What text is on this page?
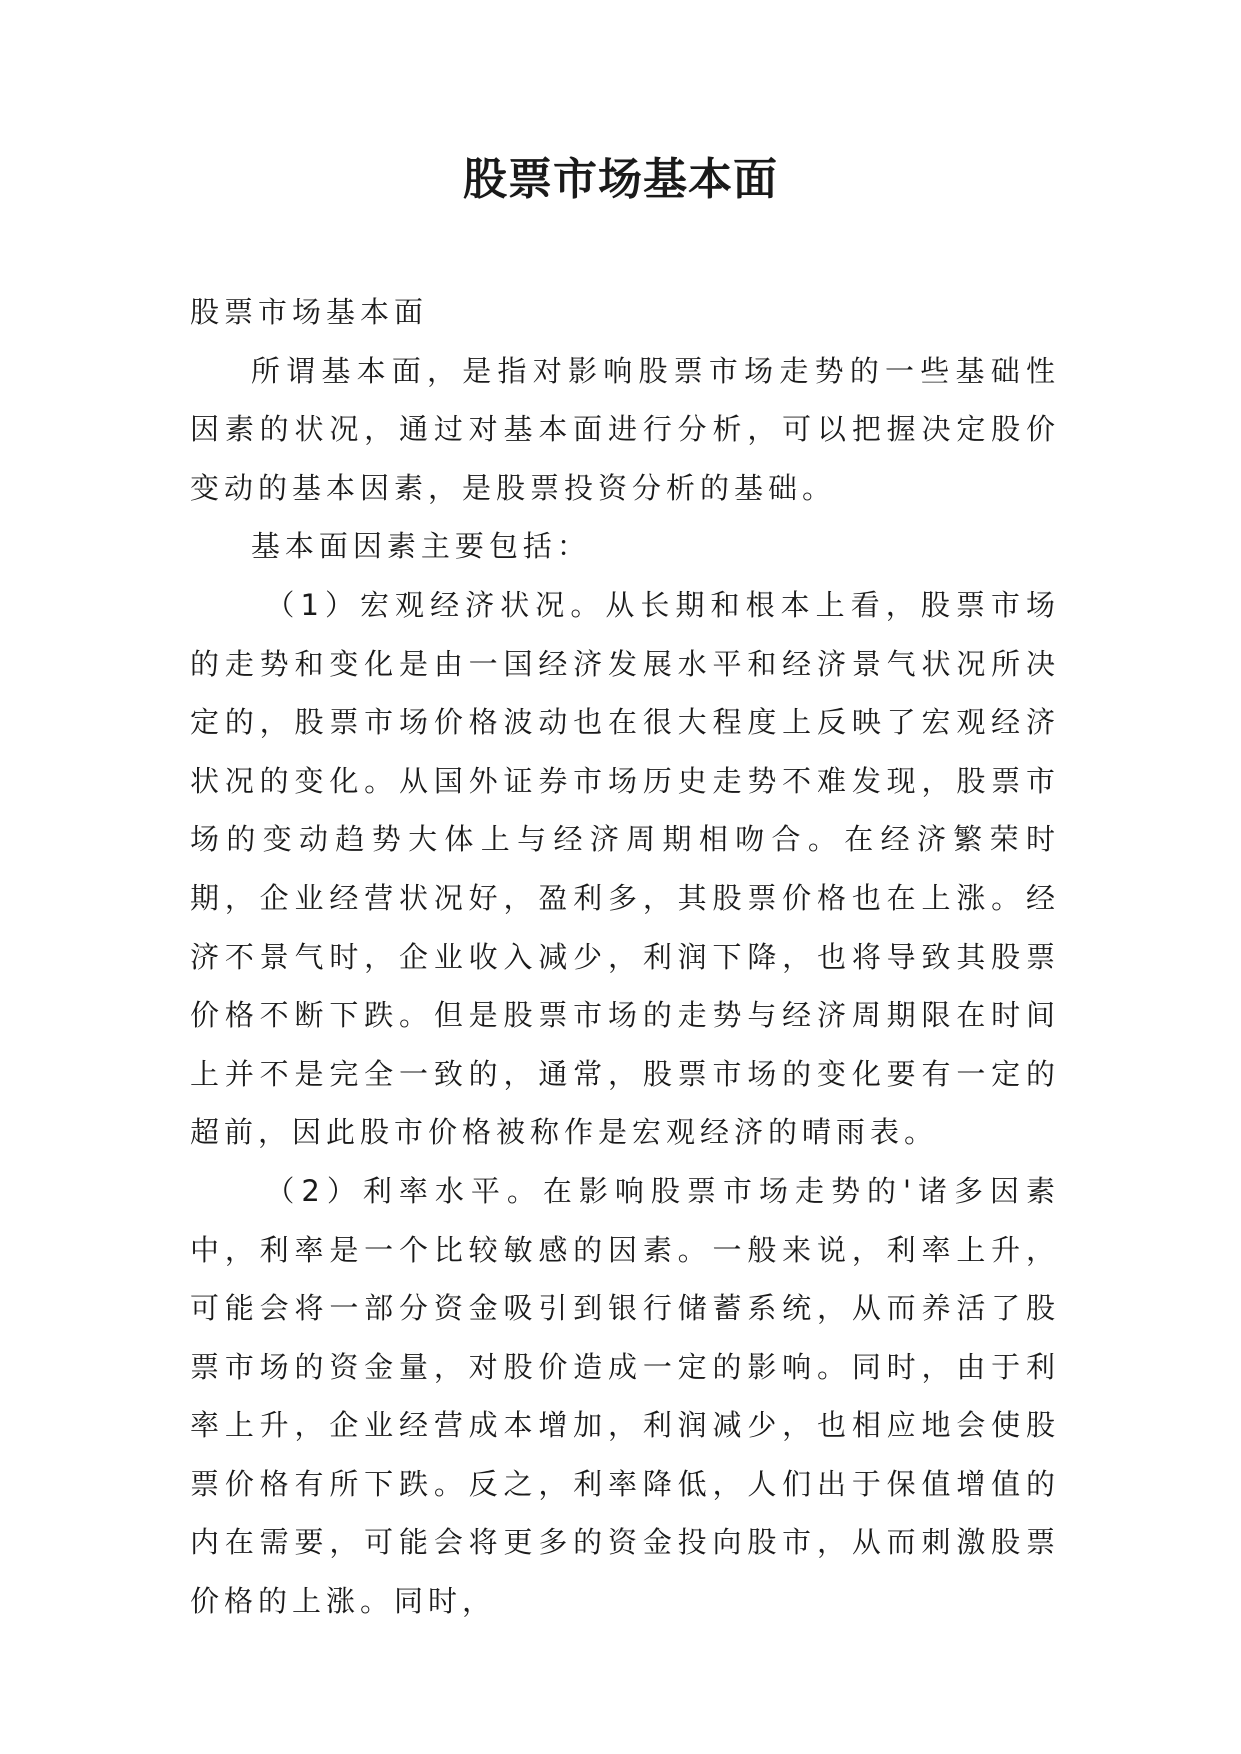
股票市场基本面

股票市场基本面

所谓基本面，是指对影响股票市场走势的一些基础性因素的状况，通过对基本面进行分析，可以把握决定股价变动的基本因素，是股票投资分析的基础。

基本面因素主要包括：

（1）宏观经济状况。从长期和根本上看，股票市场的走势和变化是由一国经济发展水平和经济景气状况所决定的，股票市场价格波动也在很大程度上反映了宏观经济状况的变化。从国外证券市场历史走势不难发现，股票市场的变动趋势大体上与经济周期相吻合。在经济繁荣时期，企业经营状况好，盈利多，其股票价格也在上涨。经济不景气时，企业收入减少，利润下降，也将导致其股票价格不断下跌。但是股票市场的走势与经济周期限在时间上并不是完全一致的，通常，股票市场的变化要有一定的超前，因此股市价格被称作是宏观经济的晴雨表。

（2）利率水平。在影响股票市场走势的'诸多因素中，利率是一个比较敏感的因素。一般来说，利率上升，可能会将一部分资金吸引到银行储蓄系统，从而养活了股票市场的资金量，对股价造成一定的影响。同时，由于利率上升，企业经营成本增加，利润减少，也相应地会使股票价格有所下跌。反之，利率降低，人们出于保值增值的内在需要，可能会将更多的资金投向股市，从而刺激股票价格的上涨。同时，
